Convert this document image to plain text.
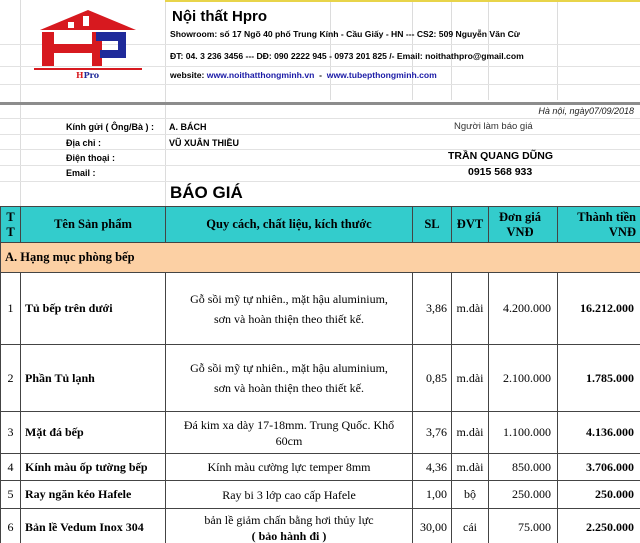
HPro
Nội thất Hpro
Showroom: số 17 Ngõ 40 phố Trung Kính - Cầu Giấy - HN --- CS2: 509 Nguyễn Văn Cừ
ĐT: 04. 3 236 3456 --- DĐ: 090 2222 945 - 0973 201 825 /- Email: noithathpro@gmail.com
website: www.noithatthongminh.vn - www.tubepthongminh.com
Hà nội, ngày07/09/2018
Kính gửi ( Ông/Bà ) : A. BÁCH
Địa chỉ :	VŨ XUÂN THIỀU
Điện thoại :
Email :
Người làm báo giá
TRẦN QUANG DŨNG
0915 568 933
BÁO GIÁ
T
T	Tên Sản phẩm	Quy cách, chất liệu, kích thước	SL	ĐVT	Đơn giá
VNĐ	Thành tiền
VNĐ
A. Hạng mục phòng bếp						
1	Tủ bếp trên dưới	Gỗ sồi mỹ tự nhiên., mặt hậu aluminium,
sơn và hoàn thiện theo thiết kế.	3,86	m.dài	4.200.000	16.212.000
2	Phần Tủ lạnh	Gỗ sồi mỹ tự nhiên., mặt hậu aluminium,
sơn và hoàn thiện theo thiết kế.	0,85	m.dài	2.100.000	1.785.000
3	Mặt đá bếp	Đá kim xa dày 17-18mm. Trung Quốc. Khổ
60cm	3,76	m.dài	1.100.000	4.136.000
4	Kính màu ốp tường bếp	Kính màu cường lực temper 8mm	4,36	m.dài	850.000	3.706.000
5	Ray ngăn kéo Hafele	Ray bi 3 lớp cao cấp Hafele	1,00	bộ	250.000	250.000
6	Bản lề Vedum Inox 304	bản lề giảm chấn bằng hơi thủy lực
( bảo hành đi )	30,00	cái	75.000	2.250.000
